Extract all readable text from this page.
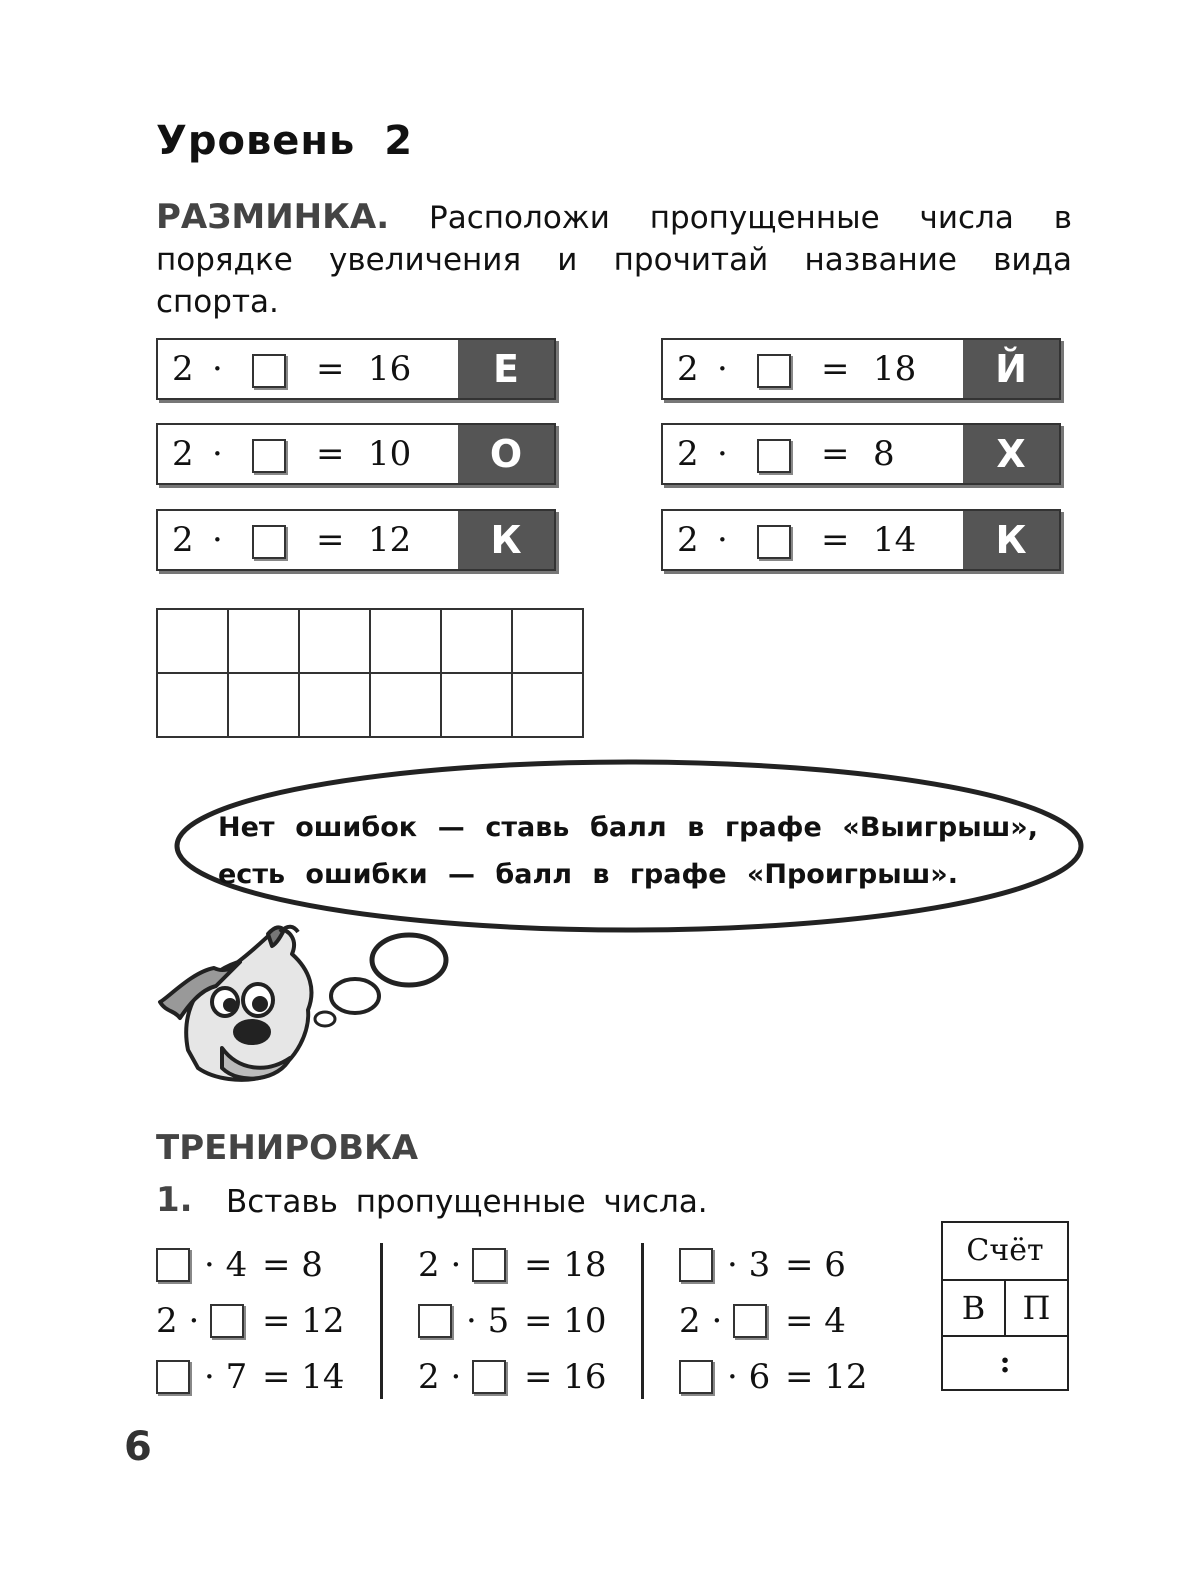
Уровень 2
РАЗМИНКА. Расположи пропущенные числа в порядке увеличения и прочитай название вида спорта.
2 ·	= 16	Е
2 ·	= 10	О
2 ·	= 12	К
2 ·	= 18	Й
2 ·	= 8	Х
2 ·	= 14	К

Нет ошибок — ставь балл в графе «Выигрыш»,
есть ошибки — балл в графе «Проигрыш».
ТРЕНИРОВКА
1. Вставь пропущенные числа.
· 4 = 8
2 · = 12
· 7 = 14
2 · = 18
· 5 = 10
2 · = 16
· 3 = 6
2 · = 4
· 6 = 12
Счёт
В	П
:
6
